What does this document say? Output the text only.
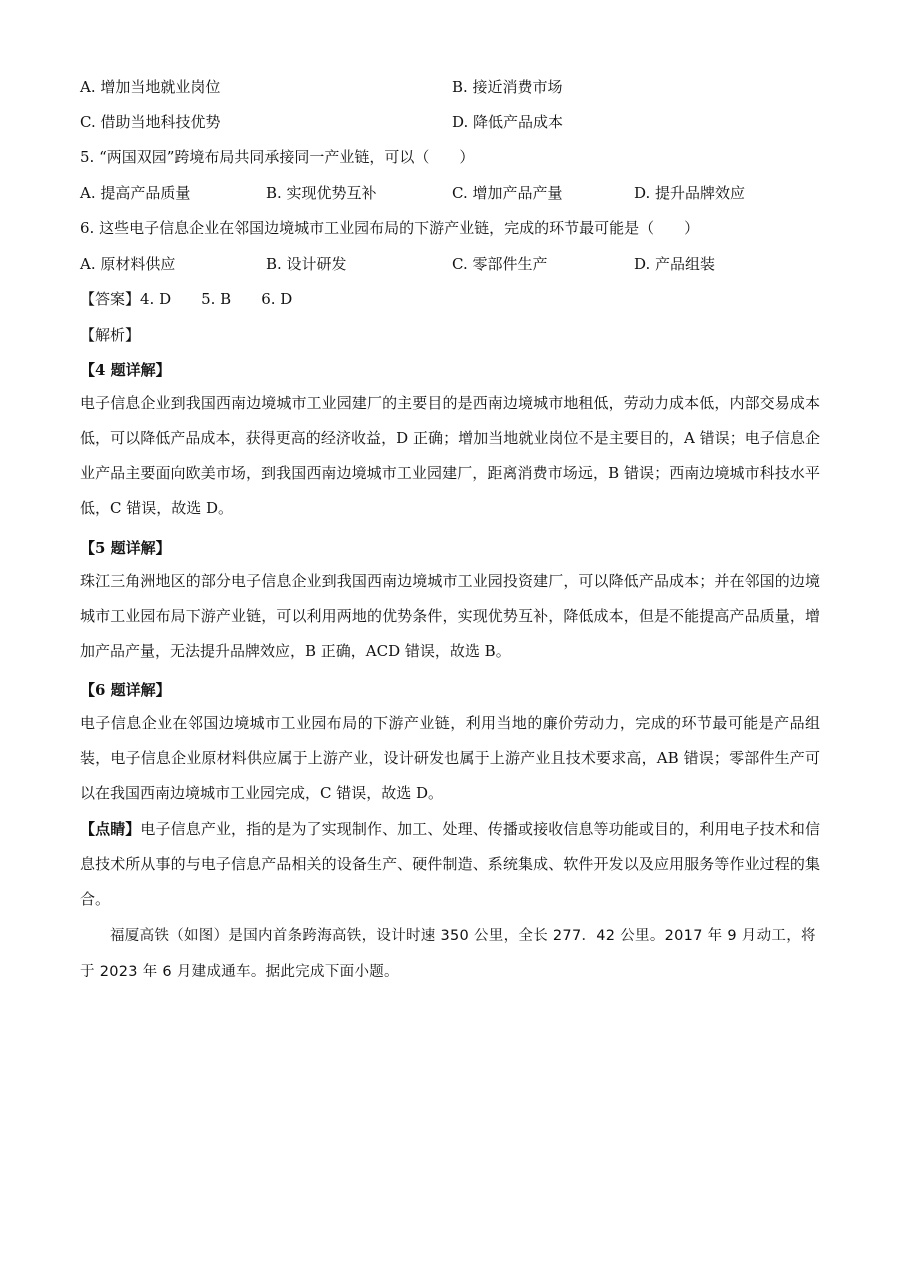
A. 增加当地就业岗位	B. 接近消费市场
C. 借助当地科技优势	D. 降低产品成本
5. “两国双园”跨境布局共同承接同一产业链，可以（　　）
A. 提高产品质量	B. 实现优势互补	C. 增加产品产量	D. 提升品牌效应
6. 这些电子信息企业在邻国边境城市工业园布局的下游产业链，完成的环节最可能是（　　）
A. 原材料供应	B. 设计研发	C. 零部件生产	D. 产品组装
【答案】4. D　　5. B　　6. D
【解析】
【4 题详解】
电子信息企业到我国西南边境城市工业园建厂的主要目的是西南边境城市地租低，劳动力成本低，内部交易成本低，可以降低产品成本，获得更高的经济收益，D 正确；增加当地就业岗位不是主要目的，A 错误；电子信息企业产品主要面向欧美市场，到我国西南边境城市工业园建厂，距离消费市场远，B 错误；西南边境城市科技水平低，C 错误，故选 D。
【5 题详解】
珠江三角洲地区的部分电子信息企业到我国西南边境城市工业园投资建厂，可以降低产品成本；并在邻国的边境城市工业园布局下游产业链，可以利用两地的优势条件，实现优势互补，降低成本，但是不能提高产品质量，增加产品产量，无法提升品牌效应，B 正确，ACD 错误，故选 B。
【6 题详解】
电子信息企业在邻国边境城市工业园布局的下游产业链，利用当地的廉价劳动力，完成的环节最可能是产品组装，电子信息企业原材料供应属于上游产业，设计研发也属于上游产业且技术要求高，AB 错误；零部件生产可以在我国西南边境城市工业园完成，C 错误，故选 D。
【点睛】电子信息产业，指的是为了实现制作、加工、处理、传播或接收信息等功能或目的，利用电子技术和信息技术所从事的与电子信息产品相关的设备生产、硬件制造、系统集成、软件开发以及应用服务等作业过程的集合。
福厦高铁（如图）是国内首条跨海高铁，设计时速 350 公里，全长 277．42 公里。2017 年 9 月动工，将于 2023 年 6 月建成通车。据此完成下面小题。
